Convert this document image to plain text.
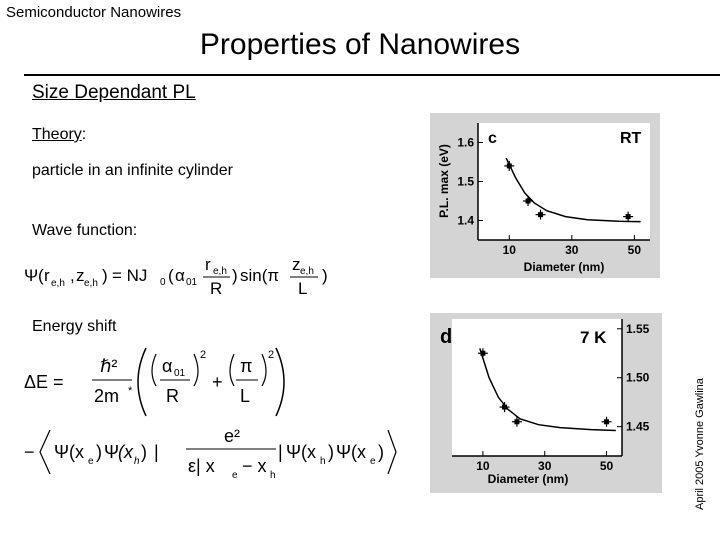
Semiconductor Nanowires
Properties of Nanowires
Size Dependant PL
Theory:
particle in an infinite cylinder
Wave function:
Energy shift
Ψ ( r e,h , z e,h ) = NJ 0 ( α 01
r e,h
R
) sin(π
z e,h
L
)
ΔE =
ℏ²
2m *
α 01
R
2
+
π
L
2
− Ψ(x e ) Ψ
( x h ) |
e²
ε| x e − x h
| Ψ(x h ) Ψ(x e )
10	30	50
1.4
1.5
1.6 c	RT
Diameter (nm)
P.L. max (eV)
10	30	50
1.45
1.50
1.55
d	7 K
Diameter (nm)	April 2005 Yvonne Gawlina
